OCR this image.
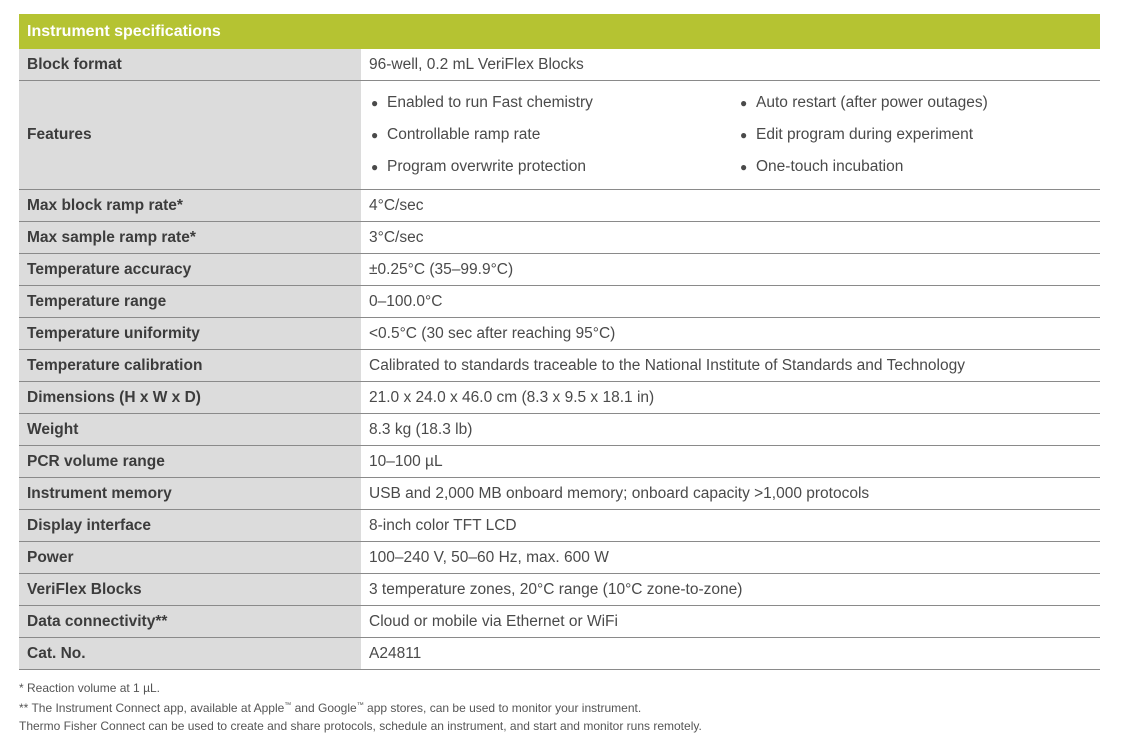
Instrument specifications
Block format	96-well, 0.2 mL VeriFlex Blocks
Features
● Enabled to run Fast chemistry	● Auto restart (after power outages)
● Controllable ramp rate	● Edit program during experiment
● Program overwrite protection	● One-touch incubation
Max block ramp rate*	4°C/sec
Max sample ramp rate*	3°C/sec
Temperature accuracy	±0.25°C (35–99.9°C)
Temperature range	0–100.0°C
Temperature uniformity	<0.5°C (30 sec after reaching 95°C)
Temperature calibration	Calibrated to standards traceable to the National Institute of Standards and Technology
Dimensions (H x W x D)	21.0 x 24.0 x 46.0 cm (8.3 x 9.5 x 18.1 in)
Weight	8.3 kg (18.3 lb)
PCR volume range	10–100 µL
Instrument memory	USB and 2,000 MB onboard memory; onboard capacity >1,000 protocols
Display interface	8-inch color TFT LCD
Power	100–240 V, 50–60 Hz, max. 600 W
VeriFlex Blocks	3 temperature zones, 20°C range (10°C zone-to-zone)
Data connectivity**	Cloud or mobile via Ethernet or WiFi
Cat. No.	A24811
* Reaction volume at 1 µL.
** The Instrument Connect app, available at Apple™ and Google™ app stores, can be used to monitor your instrument.
Thermo Fisher Connect can be used to create and share protocols, schedule an instrument, and start and monitor runs remotely.
